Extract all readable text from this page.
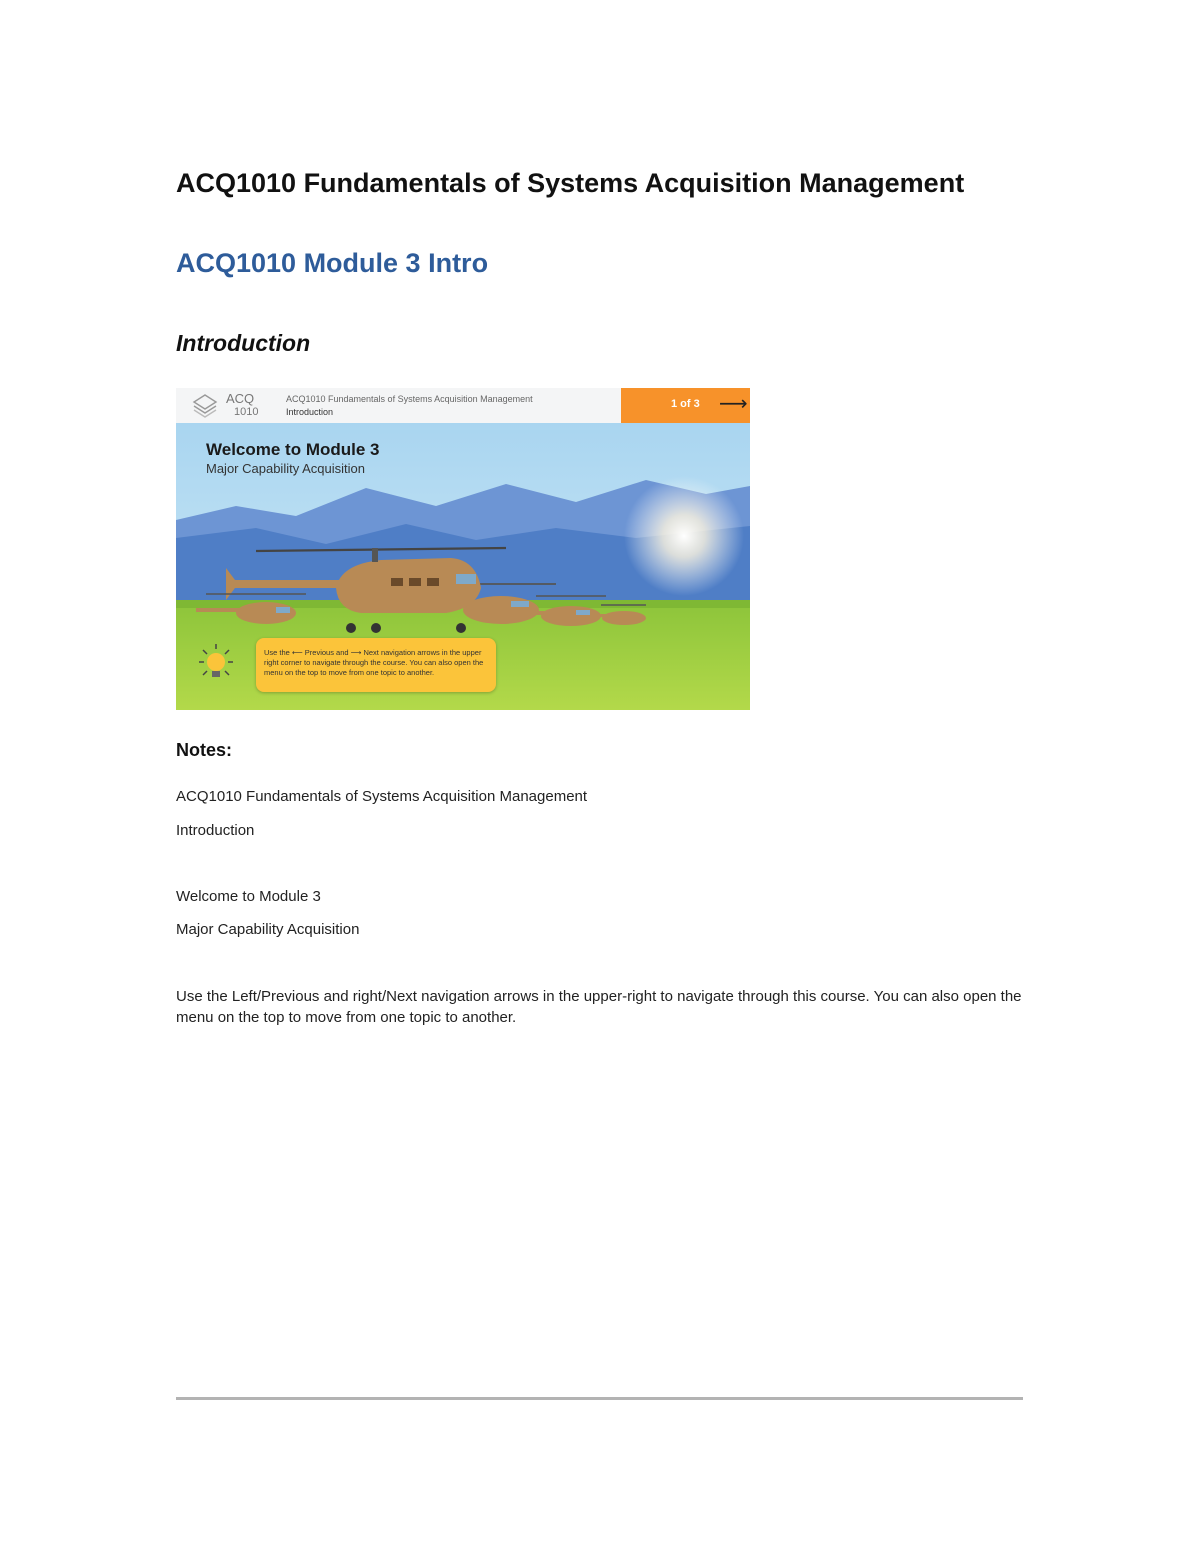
ACQ1010 Fundamentals of Systems Acquisition Management
ACQ1010 Module 3 Intro
Introduction
ACQ
1010
ACQ1010 Fundamentals of Systems Acquisition Management
Introduction
1 of 3 ⟶
Welcome to Module 3
Major Capability Acquisition
Use the ⟵ Previous and ⟶ Next navigation arrows in the upper right corner to navigate through the course. You can also open the menu on the top to move from one topic to another.
Notes:

ACQ1010 Fundamentals of Systems Acquisition Management

Introduction

Welcome to Module 3

Major Capability Acquisition

Use the Left/Previous and right/Next navigation arrows in the upper-right to navigate through this course. You can also open the menu on the top to move from one topic to another.
